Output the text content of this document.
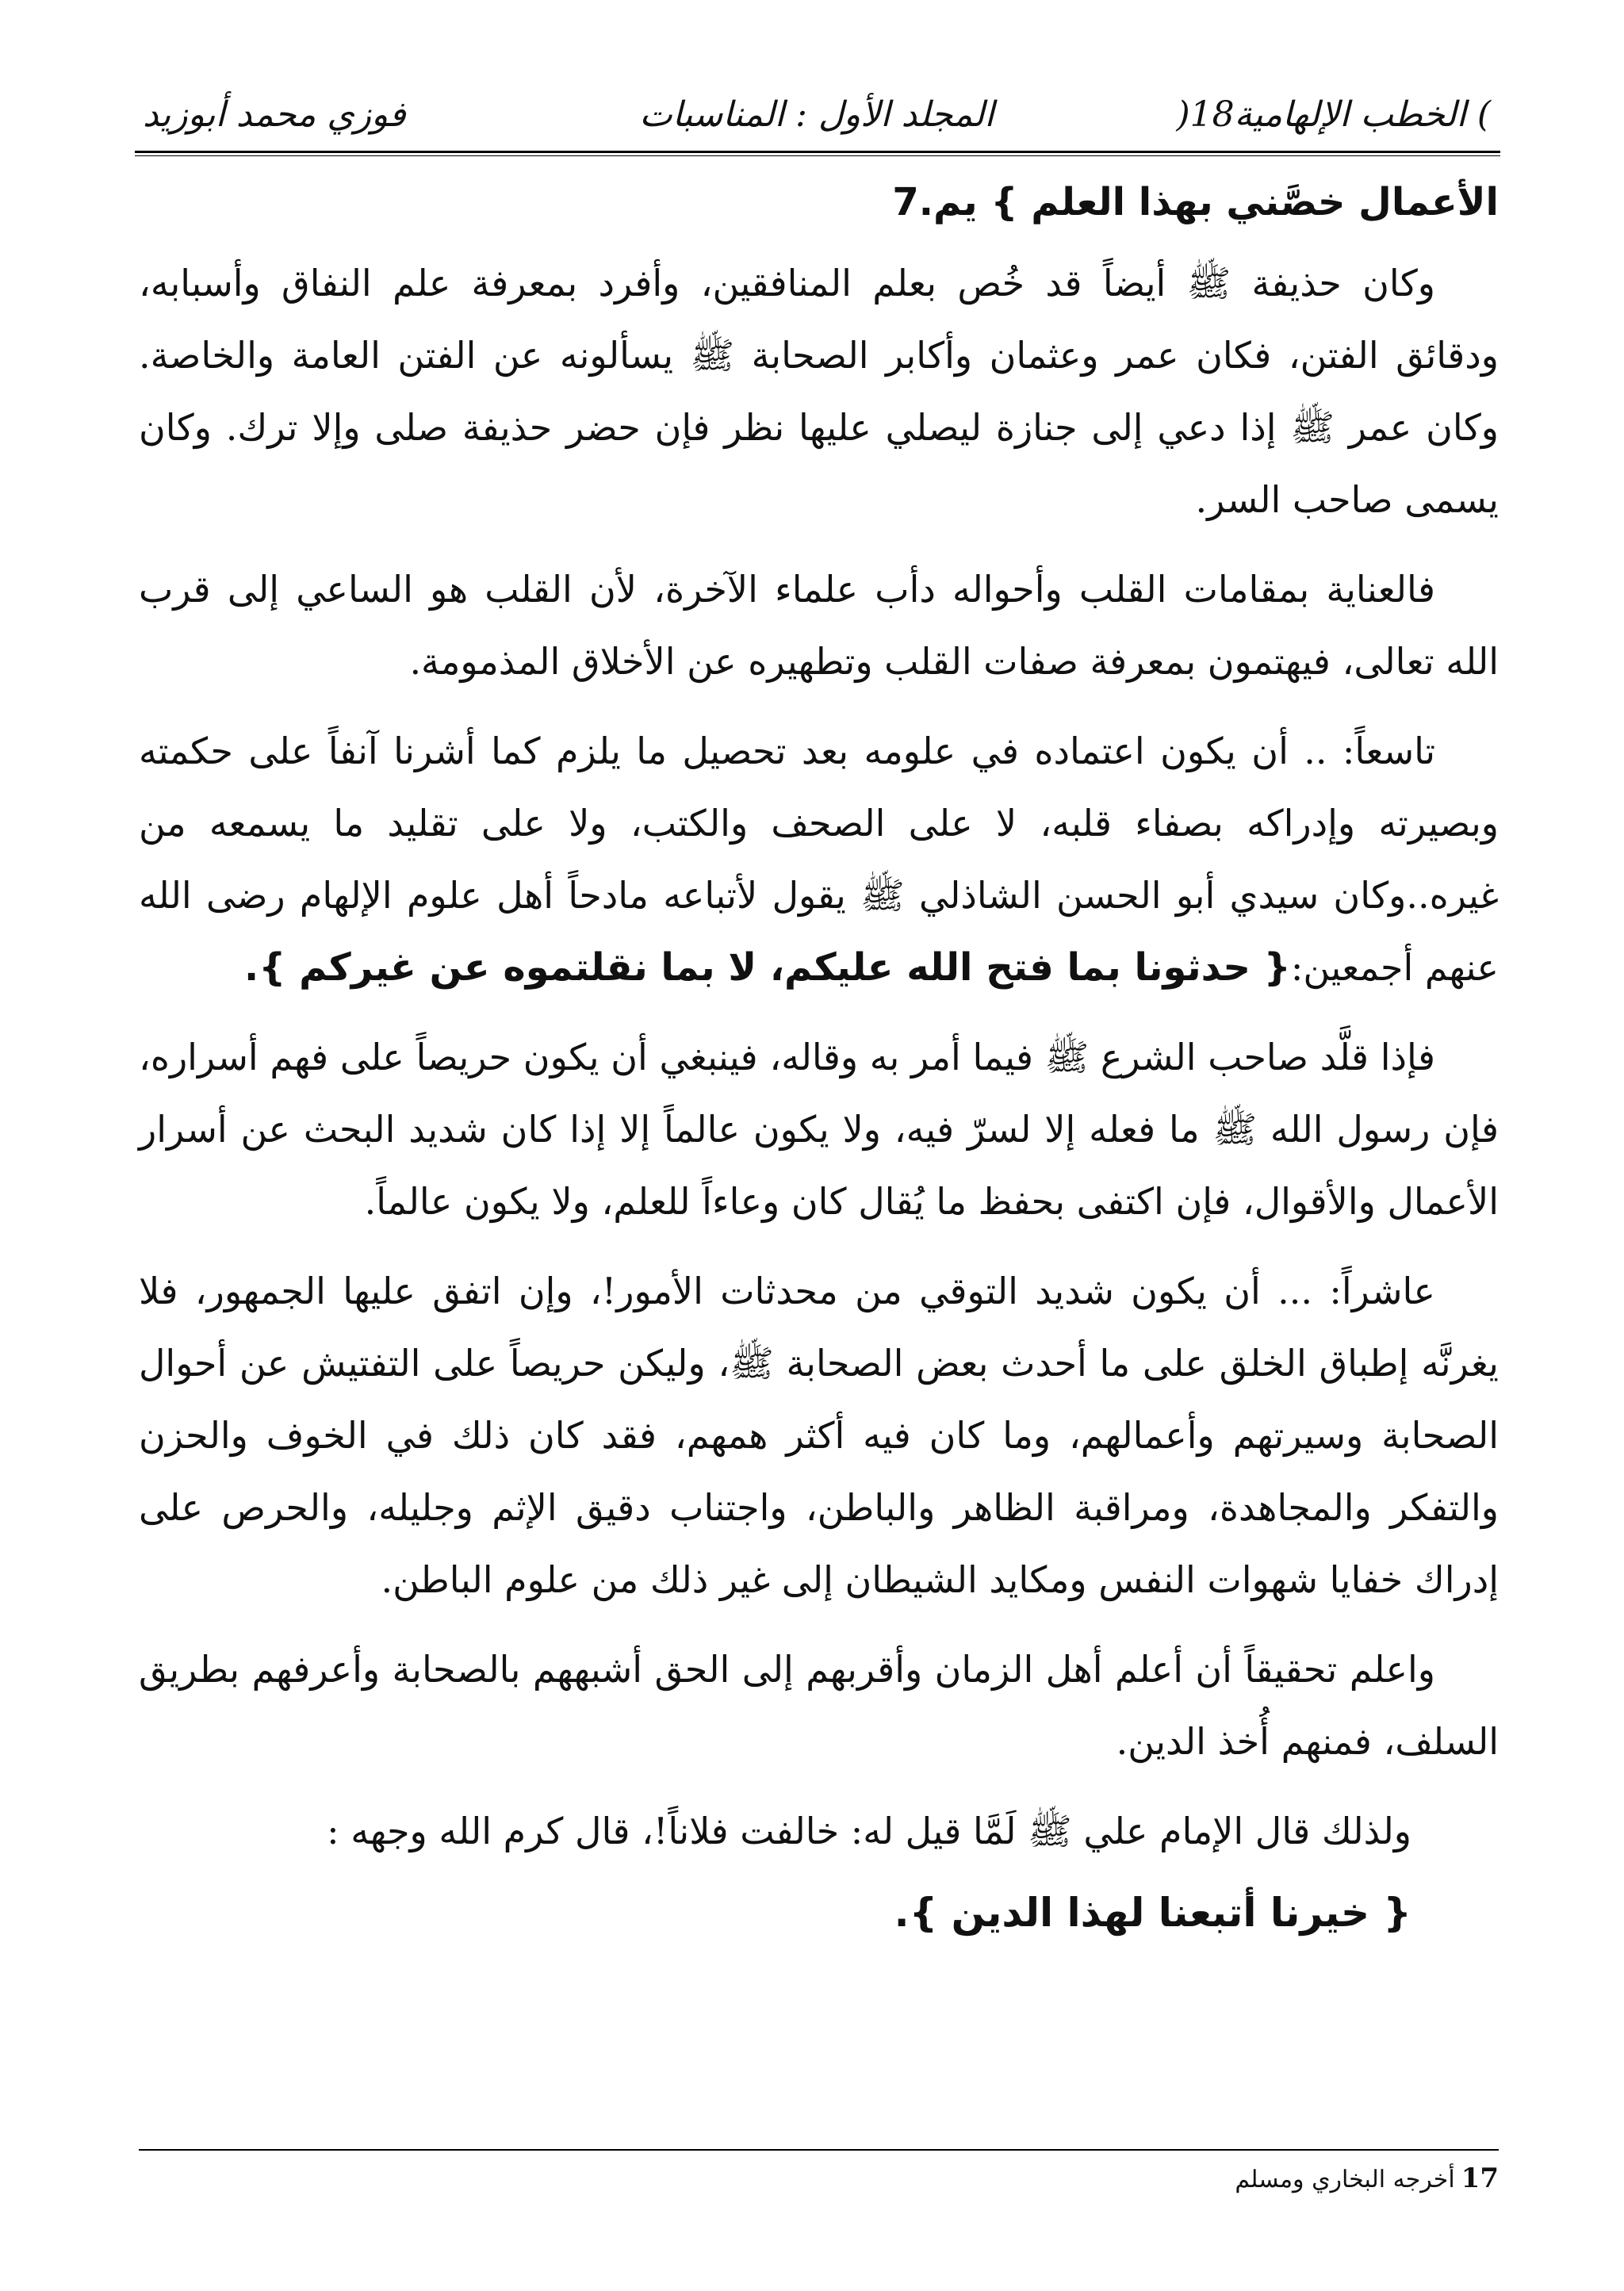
) الخطب الإلهامية18(
المجلد الأول : المناسبات
فوزي محمد أبوزيد

الأعمال خصَّني بهذا العلم } يم.7

وكان حذيفة ﷺ أيضاً قد خُص بعلم المنافقين، وأفرد بمعرفة علم النفاق وأسبابه، ودقائق الفتن، فكان عمر وعثمان وأكابر الصحابة ﷺ يسألونه عن الفتن العامة والخاصة. وكان عمر ﷺ إذا دعي إلى جنازة ليصلي عليها نظر فإن حضر حذيفة صلى وإلا ترك. وكان يسمى صاحب السر.

فالعناية بمقامات القلب وأحواله دأب علماء الآخرة، لأن القلب هو الساعي إلى قرب الله تعالى، فيهتمون بمعرفة صفات القلب وتطهيره عن الأخلاق المذمومة.

تاسعاً: .. أن يكون اعتماده في علومه بعد تحصيل ما يلزم كما أشرنا آنفاً على حكمته وبصيرته وإدراكه بصفاء قلبه، لا على الصحف والكتب، ولا على تقليد ما يسمعه من غيره..وكان سيدي أبو الحسن الشاذلي ﷺ يقول لأتباعه مادحاً أهل علوم الإلهام رضى الله عنهم أجمعين:{ حدثونا بما فتح الله عليكم، لا بما نقلتموه عن غيركم }.

فإذا قلَّد صاحب الشرع ﷺ فيما أمر به وقاله، فينبغي أن يكون حريصاً على فهم أسراره، فإن رسول الله ﷺ ما فعله إلا لسرّ فيه، ولا يكون عالماً إلا إذا كان شديد البحث عن أسرار الأعمال والأقوال، فإن اكتفى بحفظ ما يُقال كان وعاءاً للعلم، ولا يكون عالماً.

عاشراً: ... أن يكون شديد التوقي من محدثات الأمور!، وإن اتفق عليها الجمهور، فلا يغرنَّه إطباق الخلق على ما أحدث بعض الصحابة ﷺ، وليكن حريصاً على التفتيش عن أحوال الصحابة وسيرتهم وأعمالهم، وما كان فيه أكثر همهم، فقد كان ذلك في الخوف والحزن والتفكر والمجاهدة، ومراقبة الظاهر والباطن، واجتناب دقيق الإثم وجليله، والحرص على إدراك خفايا شهوات النفس ومكايد الشيطان إلى غير ذلك من علوم الباطن.

واعلم تحقيقاً أن أعلم أهل الزمان وأقربهم إلى الحق أشبههم بالصحابة وأعرفهم بطريق السلف، فمنهم أُخذ الدين.

ولذلك قال الإمام علي ﷺ لَمَّا قيل له: خالفت فلاناً!، قال كرم الله وجهه :

{ خيرنا أتبعنا لهذا الدين }.

17أخرجه البخاري ومسلم
